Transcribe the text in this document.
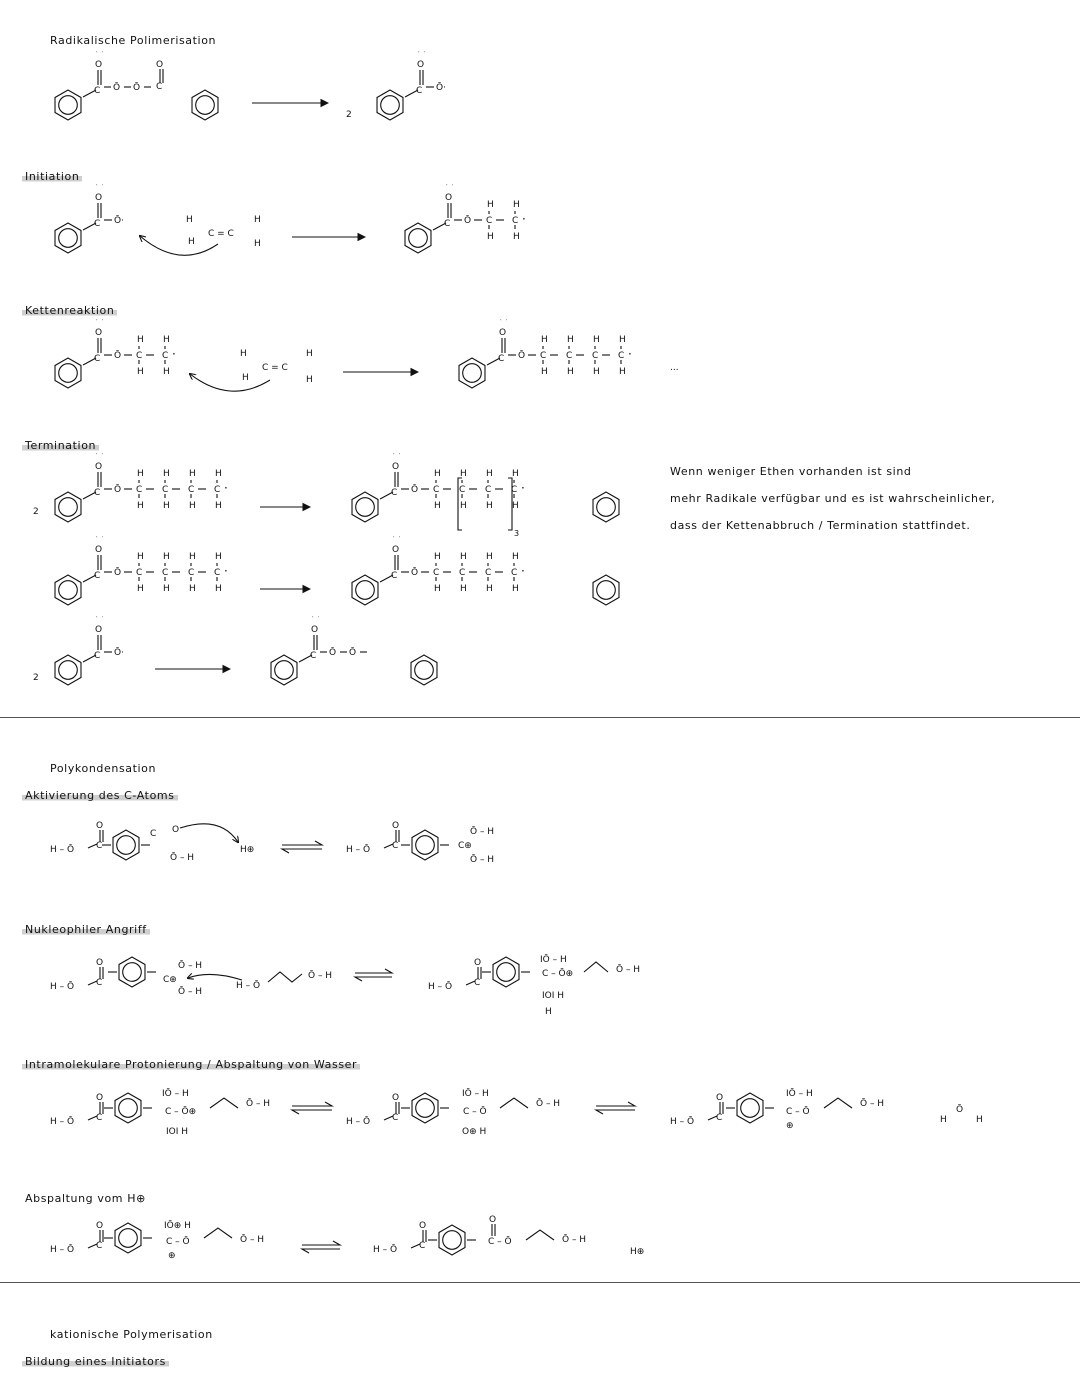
Radikalische Polimerisation
Initiation
Kettenreaktion
Termination
Wenn weniger Ethen vorhanden ist sind
mehr Radikale verfügbar und es ist wahrscheinlicher,
dass der Kettenabbruch / Termination stattfindet.
Polykondensation
Aktivierung des C-Atoms
Nukleophiler Angriff
Intramolekulare Protonierung / Abspaltung von Wasser
Abspaltung vom H⊕
kationische Polymerisation
Bildung eines Initiators
C
O
˙ ˙
Ō Ō C
O
C
O
˙ ˙
Ō·
C
O
˙ ˙
Ō·	H
C = C
H
H
H
C
O
˙ ˙
Ō C
H
H
C
H
H
·
C
O
˙ ˙
Ō C
H
H
C
H
H
·	H
C = C
H
H
H
C
O
˙ ˙
Ō C
H
H
C
H
H
C
H
H
C
H
H
·
C
O
˙ ˙
Ō C
H
H
C
H
H
C
H
H
C
H
H
·	C
O
˙ ˙
Ō C
H
H
C
H
H
C
H
H
C
H
H
·
C
O
˙ ˙
Ō C
H
H
C
H
H
C
H
H
C
H
H
·	C
O
˙ ˙
Ō C
H
H
C
H
H
C
H
H
C
H
H
·
C
O
˙ ˙
Ō·	C
O
˙ ˙
Ō Ō
H – Ō C
O
C O
Ō – H
H⊕	H – Ō C
O
C⊕
Ō – H
Ō – H
H – Ō C
O
C⊕
Ō – H
Ō – H
H – Ō
Ō – H
H – Ō C
O
C – Ō⊕
IŌ – H
IOI H
H
Ō – H
H – Ō C
O
C – Ō⊕
IŌ – H
IOI H
Ō – H
H – Ō C
O
C – Ō
IŌ – H
O⊕ H
Ō – H
H – Ō C
O
C – Ō
IŌ – H
⊕
Ō – H
H
Ō
H
H – Ō C
O
C – Ō
IŌ⊕ H
⊕
Ō – H
H – Ō C
O
C – Ō
O
Ō – H
2
2
2
3
...
H⊕
